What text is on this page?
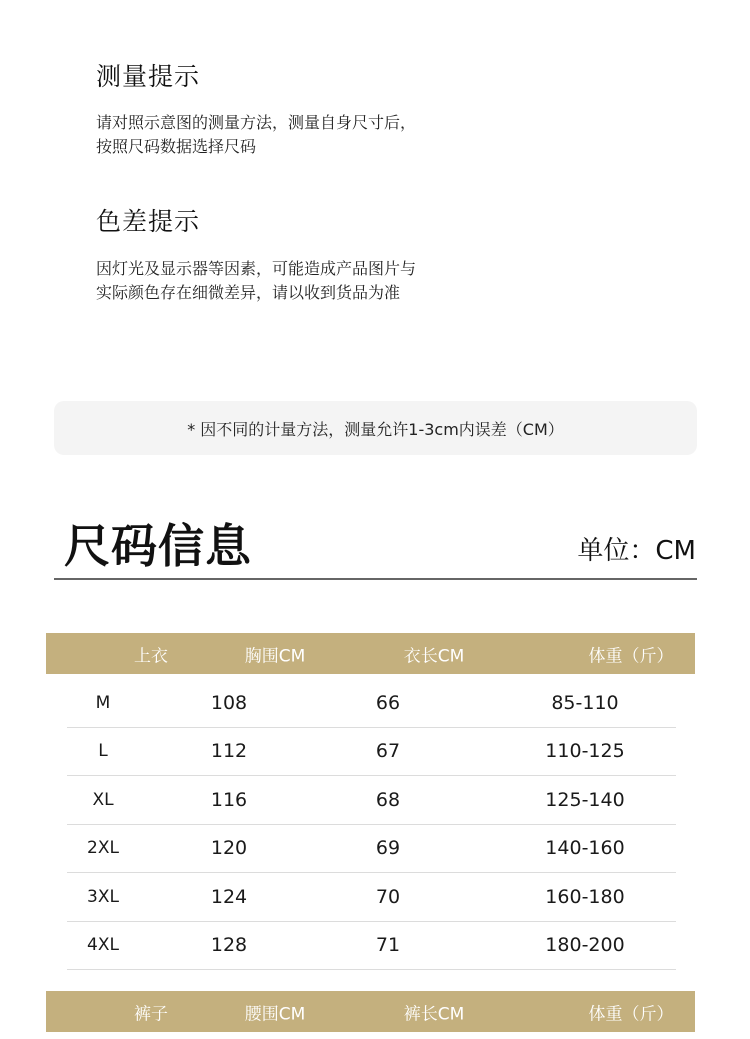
测量提示
请对照示意图的测量方法，测量自身尺寸后，
按照尺码数据选择尺码
色差提示
因灯光及显示器等因素，可能造成产品图片与
实际颜色存在细微差异，请以收到货品为准
* 因不同的计量方法，测量允许1-3cm内误差（CM）
尺码信息	单位：CM
上衣	胸围CM	衣长CM	体重（斤）
M	108	66	85-110
L	112	67	110-125
XL	116	68	125-140
2XL	120	69	140-160
3XL	124	70	160-180
4XL	128	71	180-200
裤子	腰围CM	裤长CM	体重（斤）
